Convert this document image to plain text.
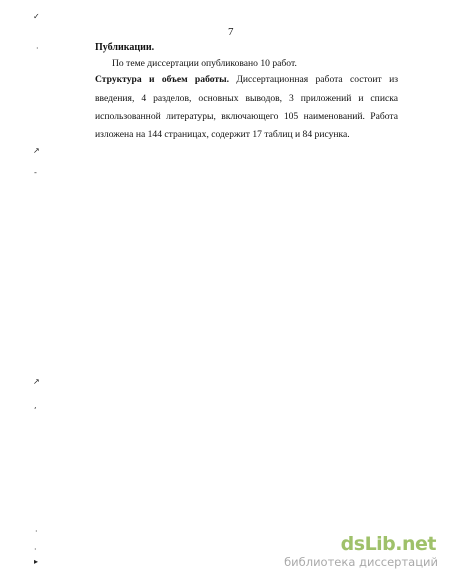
✓
·
↗
-
↗
,
·
·
▸
7
Публикации.
По теме диссертации опубликовано 10 работ.
Структура и объем работы. Диссертационная работа состоит из
введения, 4 разделов, основных выводов, 3 приложений и списка
использованной литературы, включающего 105 наименований. Работа
изложена на 144 страницах, содержит 17 таблиц и 84 рисунка.
dsLib.net
библиотека диссертаций
